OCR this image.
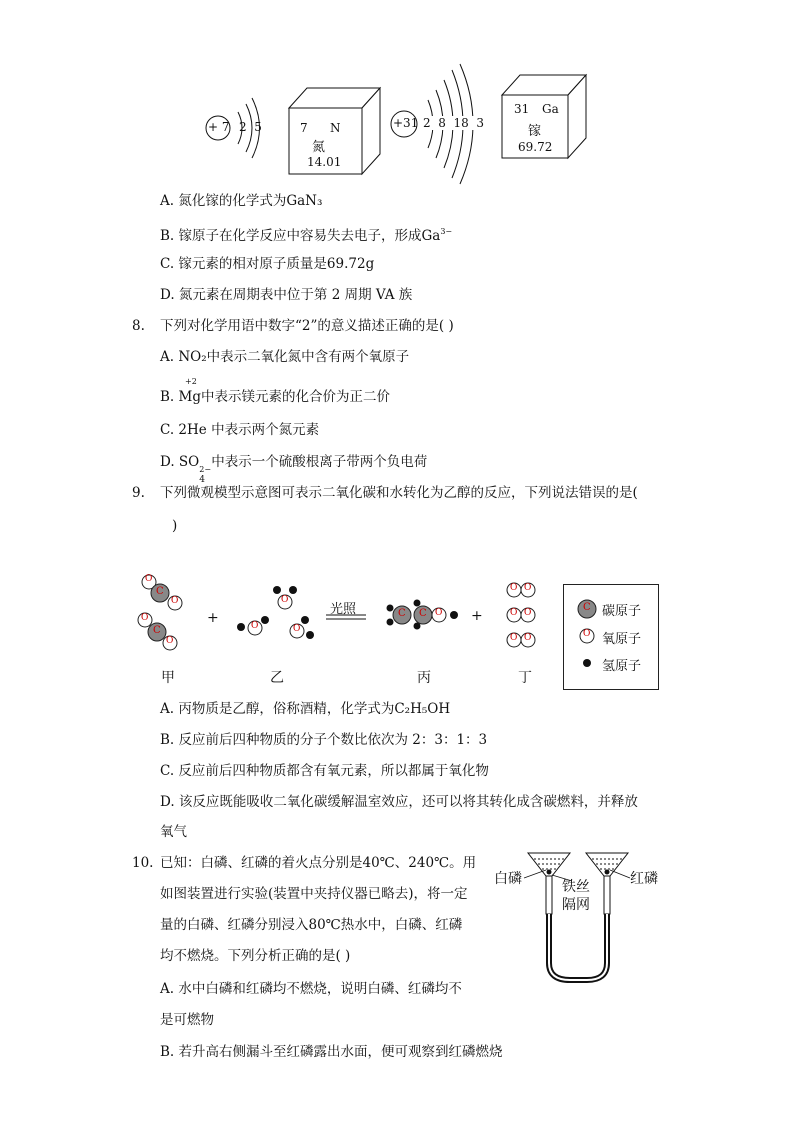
+ 7 2  5	7 N
氮
14.01
+31 2  8  18  3
31 Ga
镓
69.72
A. 氮化镓的化学式为GaN₃
B. 镓原子在化学反应中容易失去电子，形成$Ga^{3-}$
C. 镓元素的相对原子质量是69.72g
D. 氮元素在周期表中位于第 2 周期 VA 族
8. 下列对化学用语中数字“2”的意义描述正确的是( )
A. NO₂中表示二氧化氮中含有两个氧原子
+2
B. Mg中表示镁元素的化合价为正二价
C. 2He 中表示两个氮元素
D. SO 2−
4
中表示一个硫酸根离子带两个负电荷
9. 下列微观模型示意图可表示二氧化碳和水转化为乙醇的反应，下列说法错误的是(
)
O
C
O
O
C
O
O
O	O
C C O
O O
O O
O O
C
O
+
光照	+
甲	乙	丙	丁
碳原子
氧原子
氢原子
A. 丙物质是乙醇，俗称酒精，化学式为C₂H₅OH
B. 反应前后四种物质的分子个数比依次为 2：3：1：3
C. 反应前后四种物质都含有氧元素，所以都属于氧化物
D. 该反应既能吸收二氧化碳缓解温室效应，还可以将其转化成含碳燃料，并释放
氧气
10. 已知：白磷、红磷的着火点分别是40℃、240℃。用
如图装置进行实验(装置中夹持仪器已略去)，将一定
量的白磷、红磷分别浸入80℃热水中，白磷、红磷
均不燃烧。下列分析正确的是( )
A. 水中白磷和红磷均不燃烧，说明白磷、红磷均不
是可燃物
B. 若升高右侧漏斗至红磷露出水面，便可观察到红磷燃烧
白磷	红磷
铁丝
隔网
